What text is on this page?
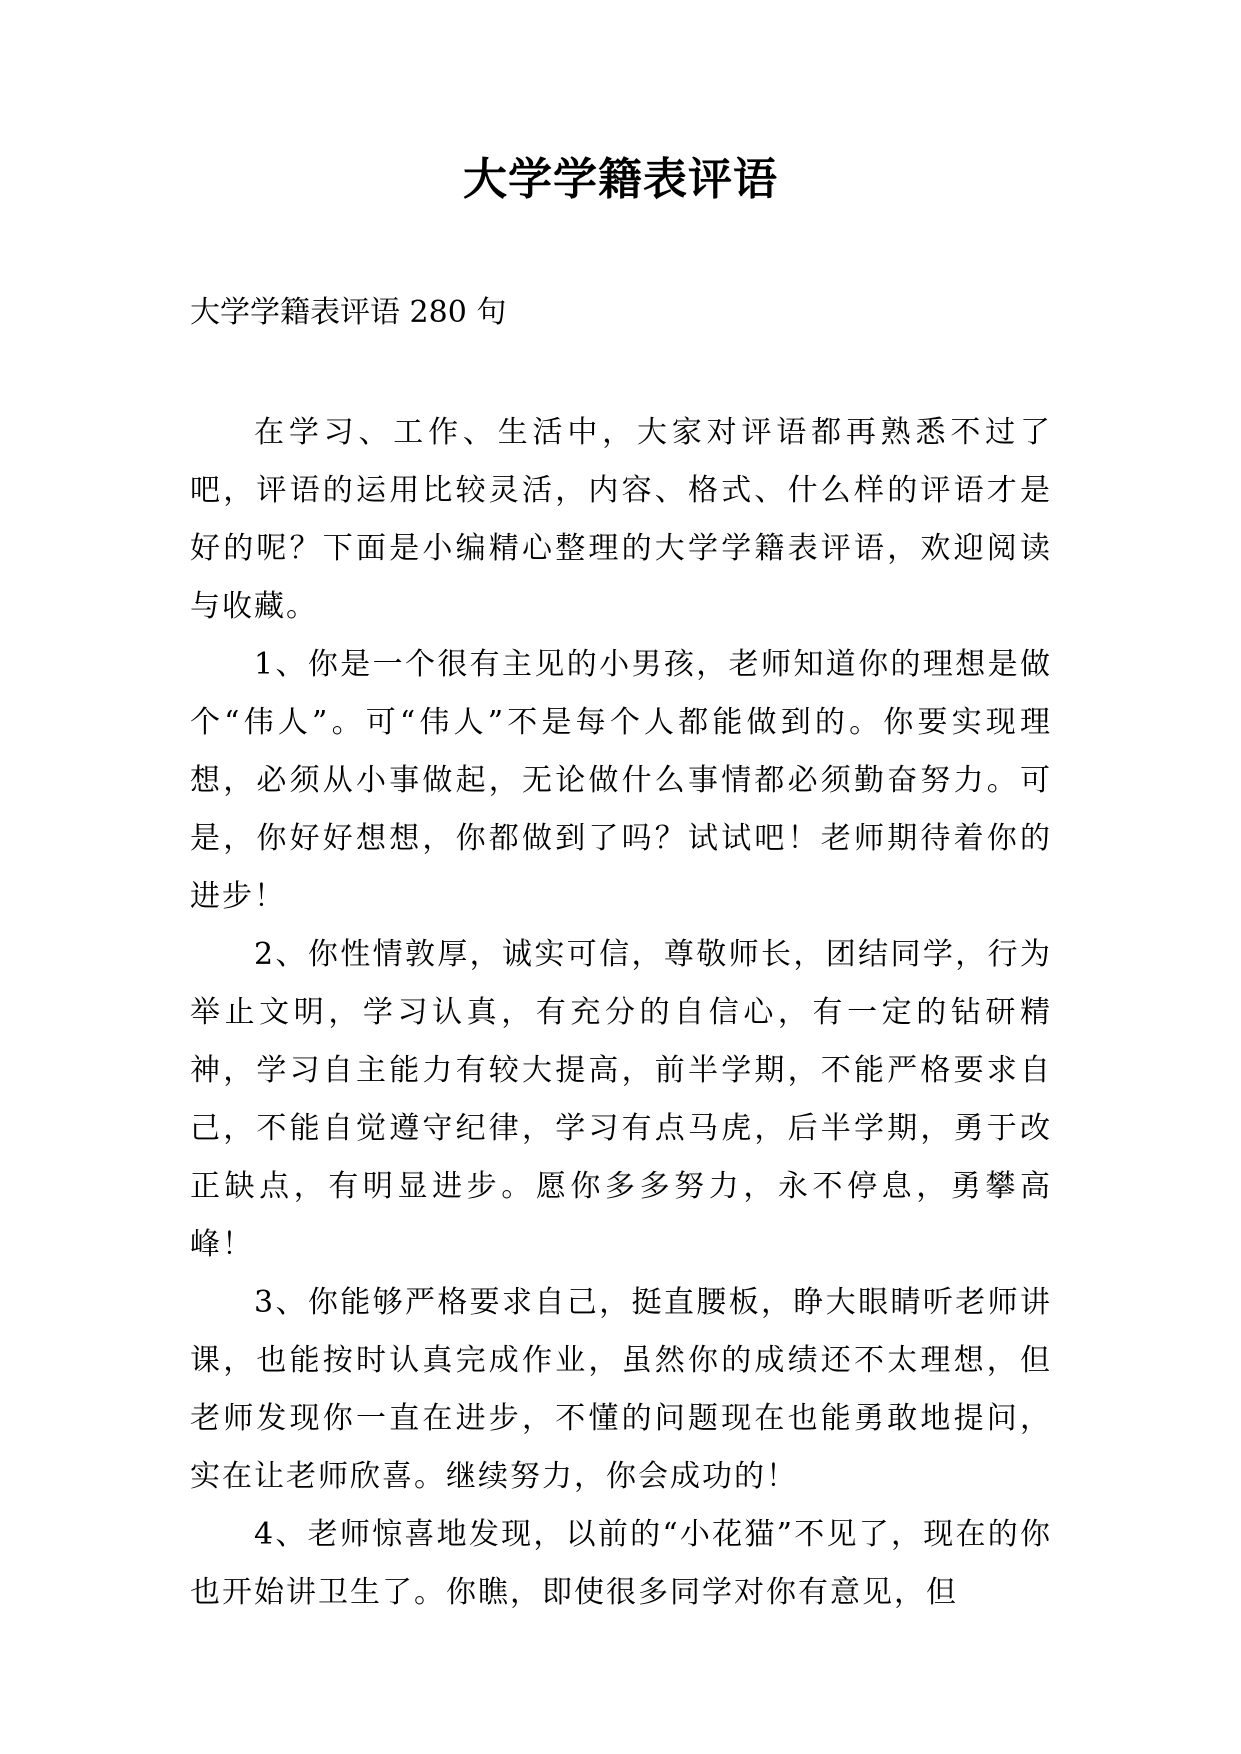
大学学籍表评语
大学学籍表评语 280 句

在学习、工作、生活中，大家对评语都再熟悉不过了吧，评语的运用比较灵活，内容、格式、什么样的评语才是好的呢？下面是小编精心整理的大学学籍表评语，欢迎阅读与收藏。

1、你是一个很有主见的小男孩，老师知道你的理想是做个“伟人”。可“伟人”不是每个人都能做到的。你要实现理想，必须从小事做起，无论做什么事情都必须勤奋努力。可是，你好好想想，你都做到了吗？试试吧！老师期待着你的进步！

2、你性情敦厚，诚实可信，尊敬师长，团结同学，行为举止文明，学习认真，有充分的自信心，有一定的钻研精神，学习自主能力有较大提高，前半学期，不能严格要求自己，不能自觉遵守纪律，学习有点马虎，后半学期，勇于改正缺点，有明显进步。愿你多多努力，永不停息，勇攀高峰！

3、你能够严格要求自己，挺直腰板，睁大眼睛听老师讲课，也能按时认真完成作业，虽然你的成绩还不太理想，但老师发现你一直在进步，不懂的问题现在也能勇敢地提问，实在让老师欣喜。继续努力，你会成功的！

4、老师惊喜地发现，以前的“小花猫”不见了，现在的你也开始讲卫生了。你瞧，即使很多同学对你有意见，但
